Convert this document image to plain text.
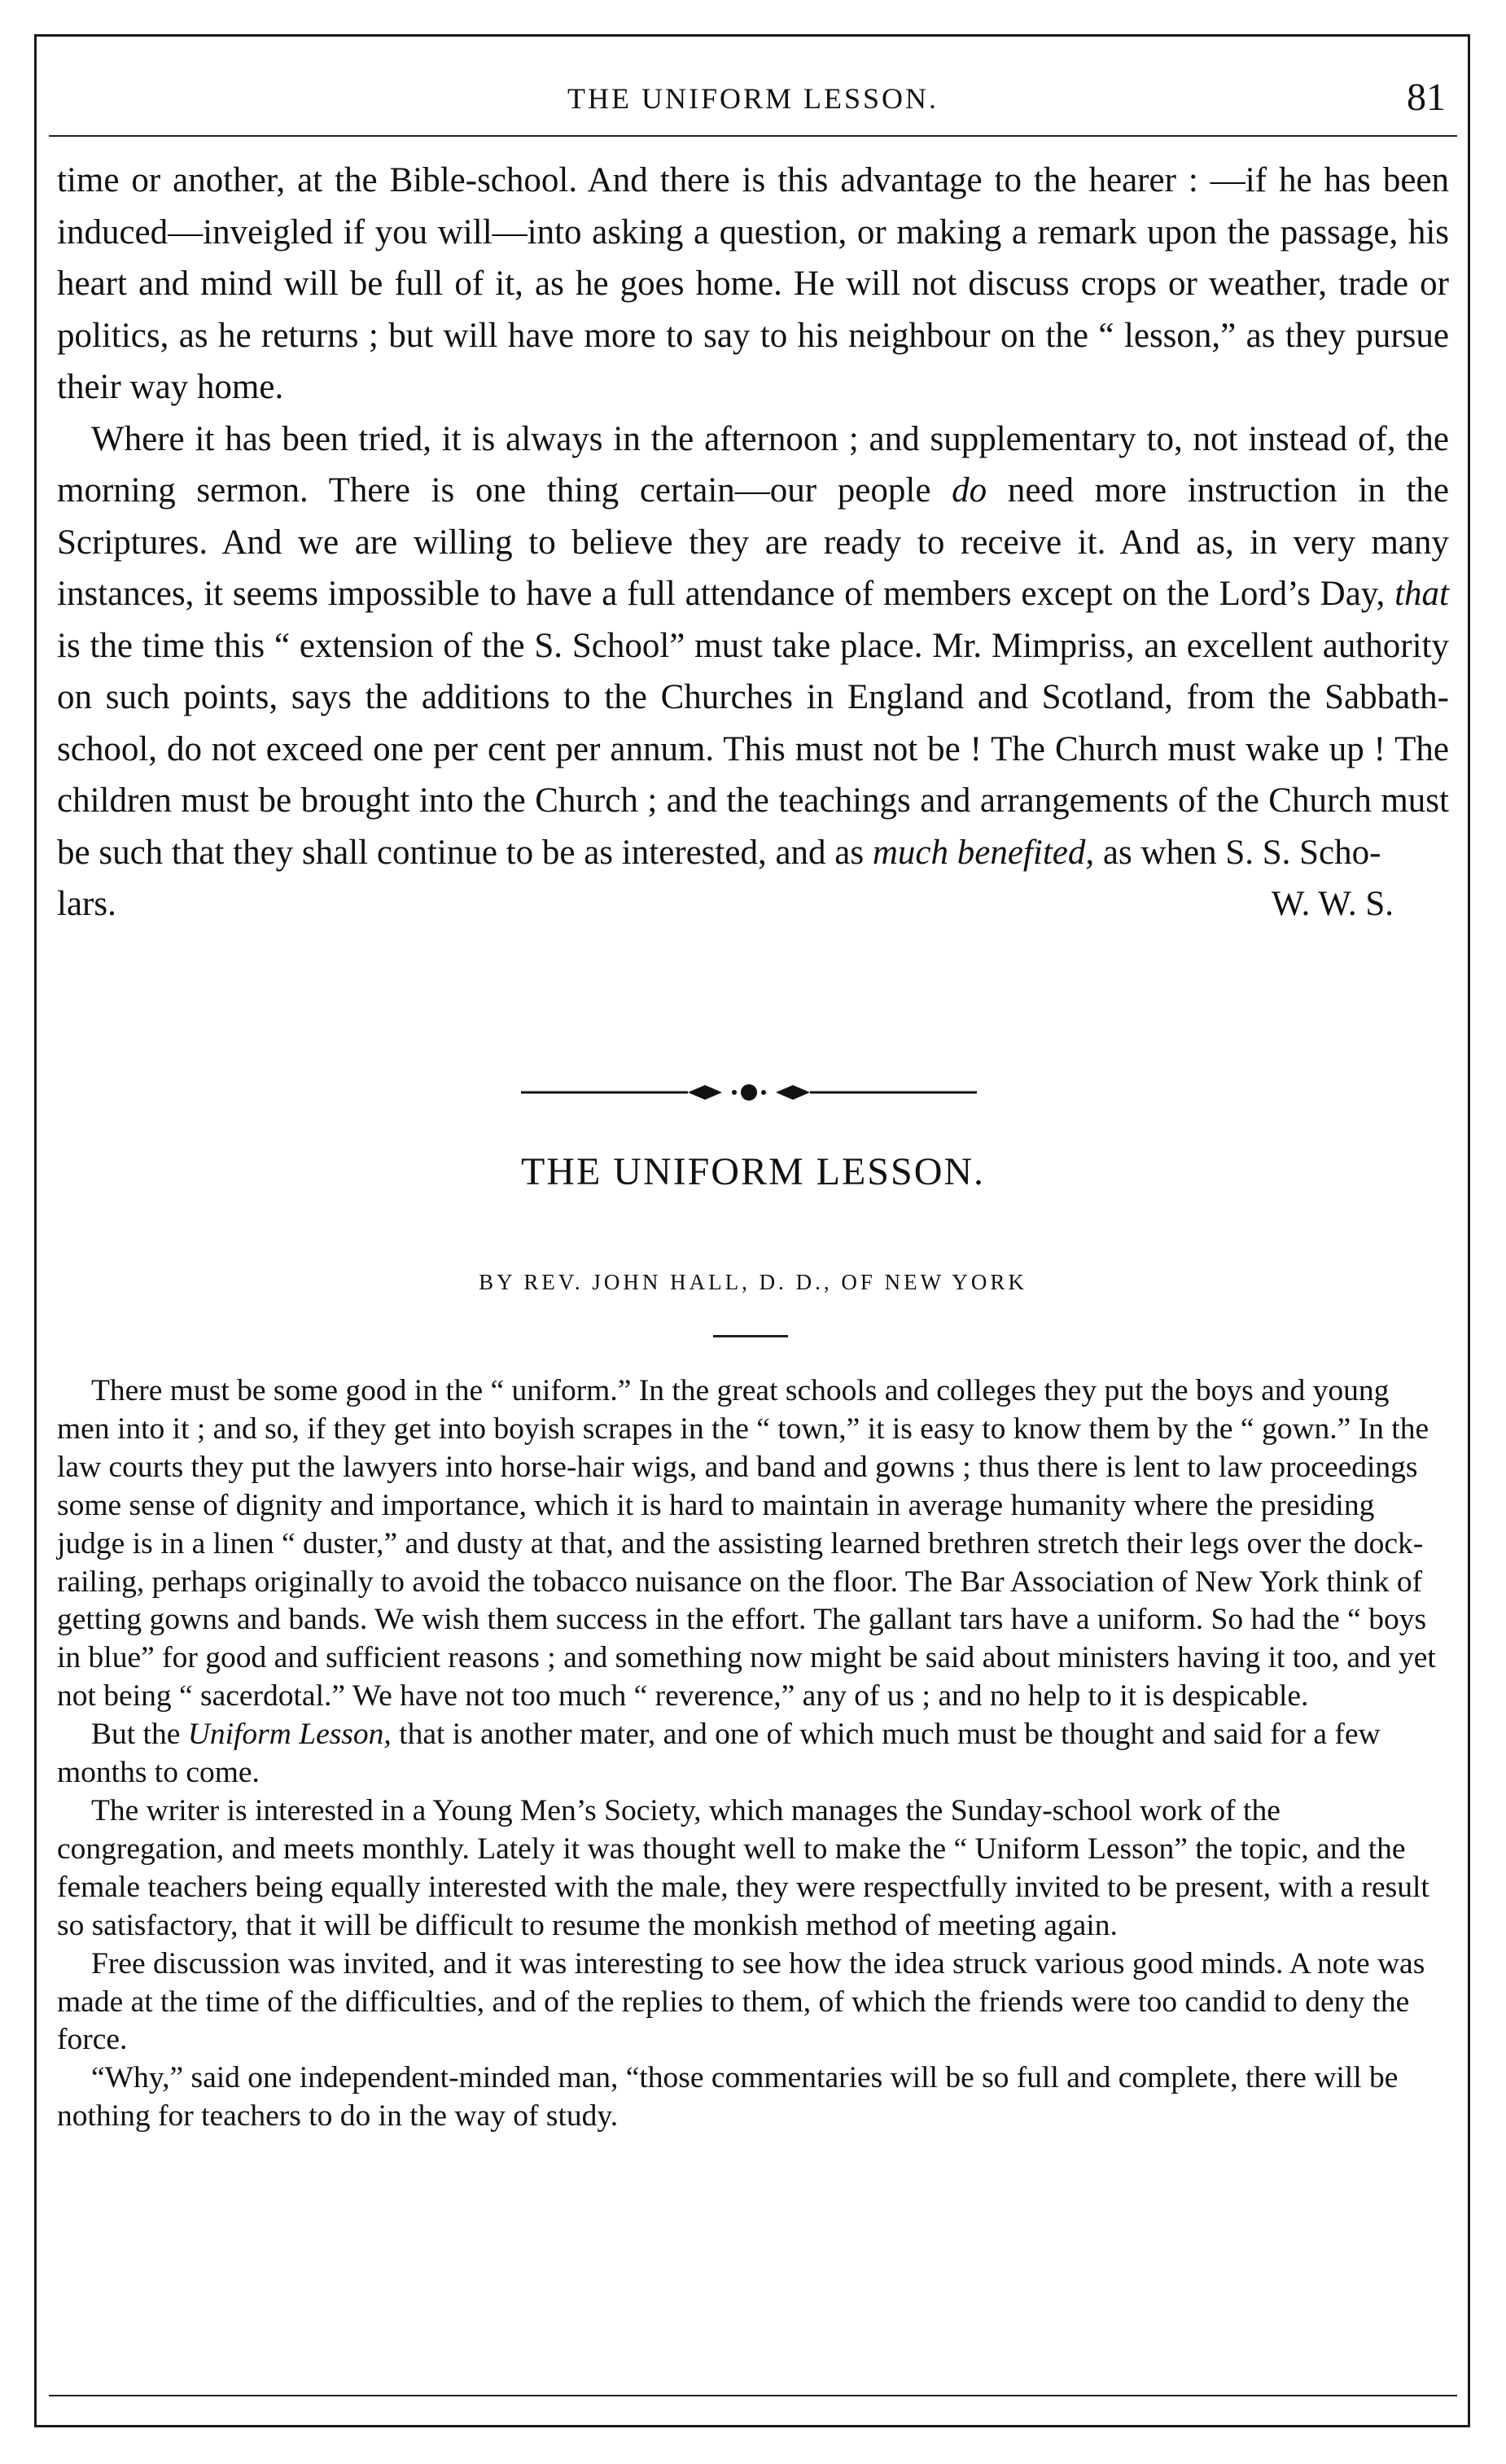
THE UNIFORM LESSON.	81

time or another, at the Bible-school. And there is this advantage to the hearer : —if he has been induced—inveigled if you will—into asking a question, or making a remark upon the passage, his heart and mind will be full of it, as he goes home. He will not discuss crops or weather, trade or politics, as he returns ; but will have more to say to his neighbour on the “ lesson,” as they pursue their way home.

Where it has been tried, it is always in the afternoon ; and supplementary to, not instead of, the morning sermon. There is one thing certain—our people do need more instruction in the Scriptures. And we are willing to believe they are ready to receive it. And as, in very many instances, it seems impossible to have a full attendance of members except on the Lord’s Day, that is the time this “ extension of the S. School” must take place. Mr. Mimpriss, an excellent authority on such points, says the additions to the Churches in England and Scotland, from the Sabbath-school, do not exceed one per cent per annum. This must not be ! The Church must wake up ! The children must be brought into the Church ; and the teachings and arrangements of the Church must be such that they shall continue to be as interested, and as much benefited, as when S. S. Scho-

lars.	W. W. S.
THE UNIFORM LESSON.
BY REV. JOHN HALL, D. D., OF NEW YORK

There must be some good in the “ uniform.” In the great schools and colleges they put the boys and young men into it ; and so, if they get into boyish scrapes in the “ town,” it is easy to know them by the “ gown.” In the law courts they put the lawyers into horse-hair wigs, and band and gowns ; thus there is lent to law proceedings some sense of dignity and importance, which it is hard to maintain in average humanity where the presiding judge is in a linen “ duster,” and dusty at that, and the assisting learned brethren stretch their legs over the dock-railing, perhaps originally to avoid the tobacco nuisance on the floor. The Bar Association of New York think of getting gowns and bands. We wish them success in the effort. The gallant tars have a uniform. So had the “ boys in blue” for good and sufficient reasons ; and something now might be said about ministers having it too, and yet not being “ sacerdotal.” We have not too much “ reverence,” any of us ; and no help to it is despicable.

But the Uniform Lesson, that is another mater, and one of which much must be thought and said for a few months to come.

The writer is interested in a Young Men’s Society, which manages the Sunday-school work of the congregation, and meets monthly. Lately it was thought well to make the “ Uniform Lesson” the topic, and the female teachers being equally interested with the male, they were respectfully invited to be present, with a result so satisfactory, that it will be difficult to resume the monkish method of meeting again.

Free discussion was invited, and it was interesting to see how the idea struck various good minds. A note was made at the time of the difficulties, and of the replies to them, of which the friends were too candid to deny the force.

“Why,” said one independent-minded man, “those commentaries will be so full and complete, there will be nothing for teachers to do in the way of study.
